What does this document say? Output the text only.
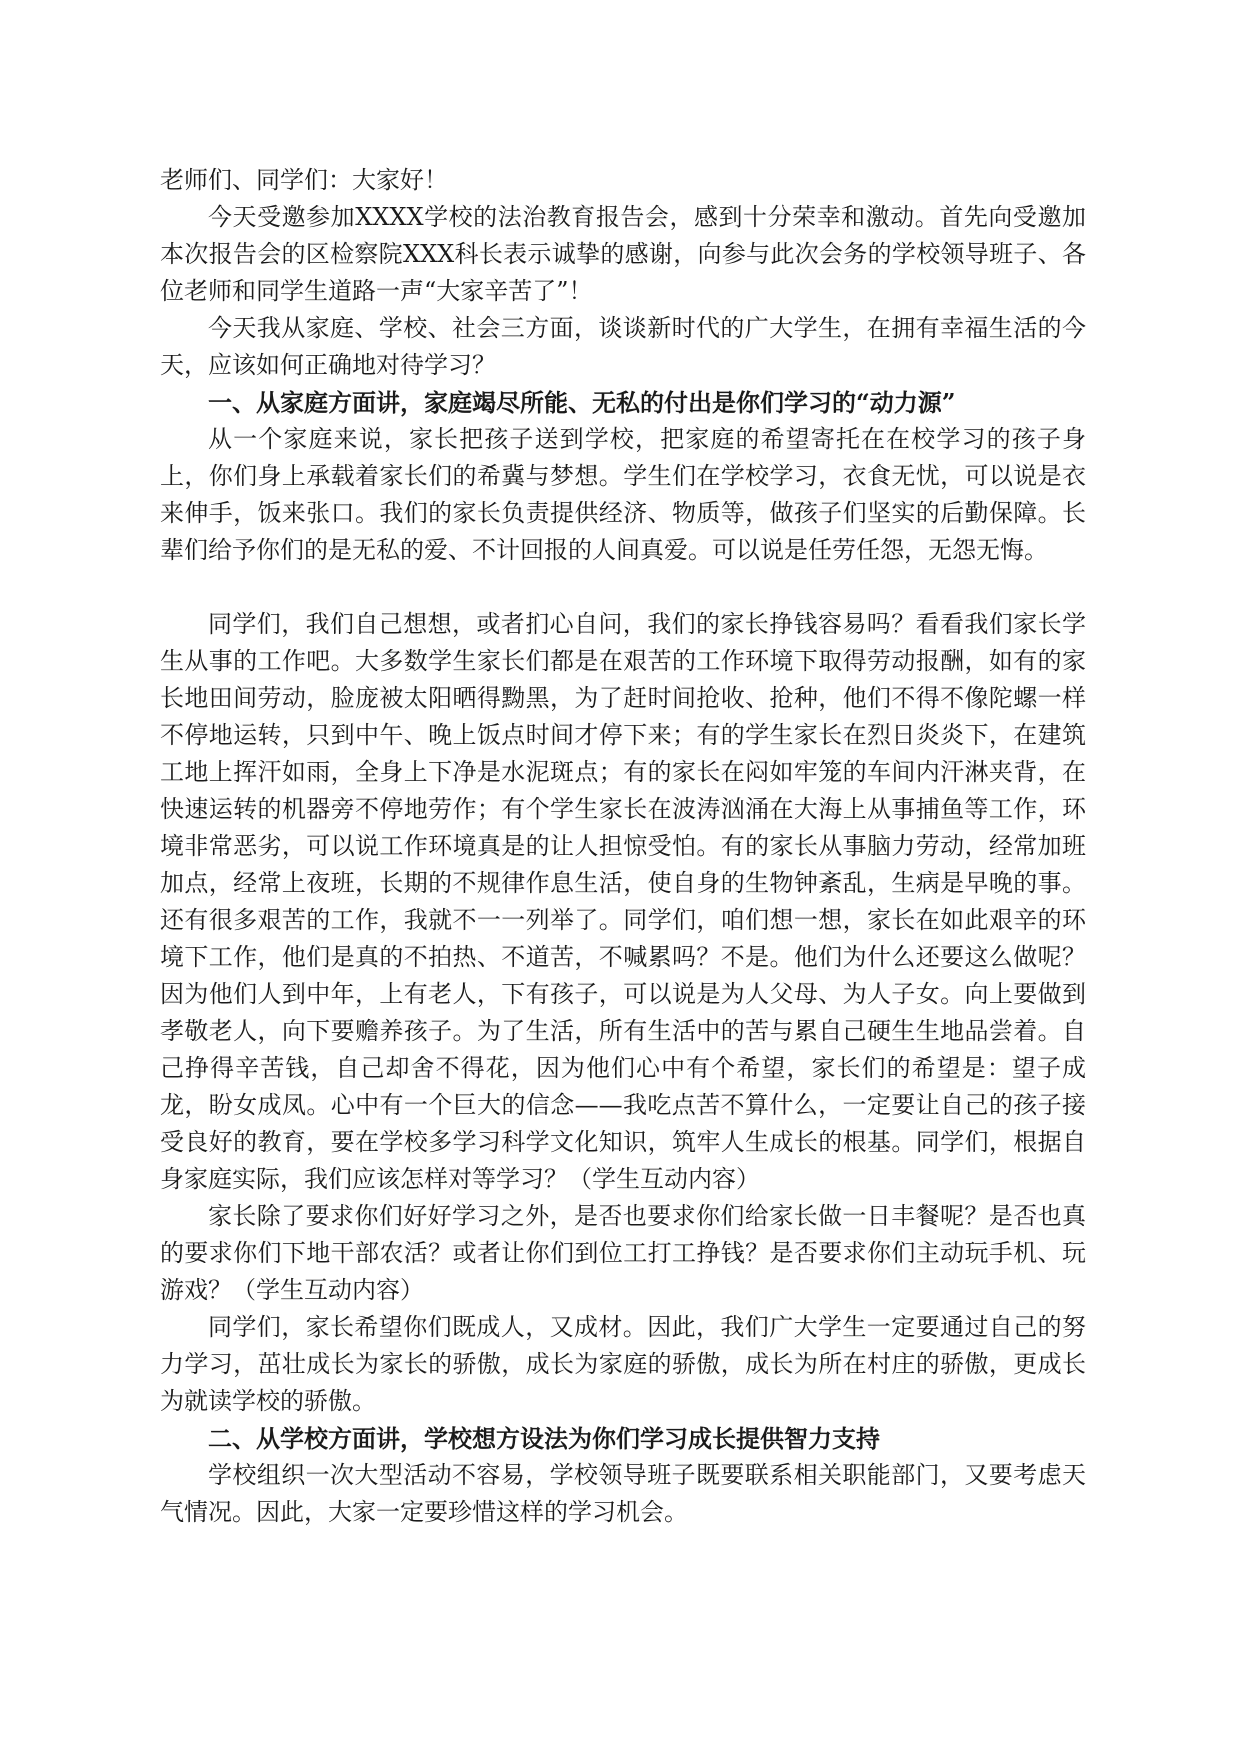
老师们、同学们：大家好！

今天受邀参加XXXX学校的法治教育报告会，感到十分荣幸和激动。首先向受邀加本次报告会的区检察院XXX科长表示诚挚的感谢，向参与此次会务的学校领导班子、各位老师和同学生道路一声“大家辛苦了”！

今天我从家庭、学校、社会三方面，谈谈新时代的广大学生，在拥有幸福生活的今天，应该如何正确地对待学习？

一、从家庭方面讲，家庭竭尽所能、无私的付出是你们学习的“动力源”

从一个家庭来说，家长把孩子送到学校，把家庭的希望寄托在在校学习的孩子身上，你们身上承载着家长们的希冀与梦想。学生们在学校学习，衣食无忧，可以说是衣来伸手，饭来张口。我们的家长负责提供经济、物质等，做孩子们坚实的后勤保障。长辈们给予你们的是无私的爱、不计回报的人间真爱。可以说是任劳任怨，无怨无悔。

同学们，我们自己想想，或者扪心自问，我们的家长挣钱容易吗？看看我们家长学生从事的工作吧。大多数学生家长们都是在艰苦的工作环境下取得劳动报酬，如有的家长地田间劳动，脸庞被太阳晒得黝黑，为了赶时间抢收、抢种，他们不得不像陀螺一样不停地运转，只到中午、晚上饭点时间才停下来；有的学生家长在烈日炎炎下，在建筑工地上挥汗如雨，全身上下净是水泥斑点；有的家长在闷如牢笼的车间内汗淋夹背，在快速运转的机器旁不停地劳作；有个学生家长在波涛汹涌在大海上从事捕鱼等工作，环境非常恶劣，可以说工作环境真是的让人担惊受怕。有的家长从事脑力劳动，经常加班加点，经常上夜班，长期的不规律作息生活，使自身的生物钟紊乱，生病是早晚的事。还有很多艰苦的工作，我就不一一列举了。同学们，咱们想一想，家长在如此艰辛的环境下工作，他们是真的不拍热、不道苦，不喊累吗？不是。他们为什么还要这么做呢？因为他们人到中年，上有老人，下有孩子，可以说是为人父母、为人子女。向上要做到孝敬老人，向下要赡养孩子。为了生活，所有生活中的苦与累自己硬生生地品尝着。自己挣得辛苦钱，自己却舍不得花，因为他们心中有个希望，家长们的希望是：望子成龙，盼女成凤。心中有一个巨大的信念——我吃点苦不算什么，一定要让自己的孩子接受良好的教育，要在学校多学习科学文化知识，筑牢人生成长的根基。同学们，根据自身家庭实际，我们应该怎样对等学习？（学生互动内容）

家长除了要求你们好好学习之外，是否也要求你们给家长做一日丰餐呢？是否也真的要求你们下地干部农活？或者让你们到位工打工挣钱？是否要求你们主动玩手机、玩游戏？（学生互动内容）

同学们，家长希望你们既成人，又成材。因此，我们广大学生一定要通过自己的努力学习，茁壮成长为家长的骄傲，成长为家庭的骄傲，成长为所在村庄的骄傲，更成长为就读学校的骄傲。

二、从学校方面讲，学校想方设法为你们学习成长提供智力支持

学校组织一次大型活动不容易，学校领导班子既要联系相关职能部门，又要考虑天气情况。因此，大家一定要珍惜这样的学习机会。
